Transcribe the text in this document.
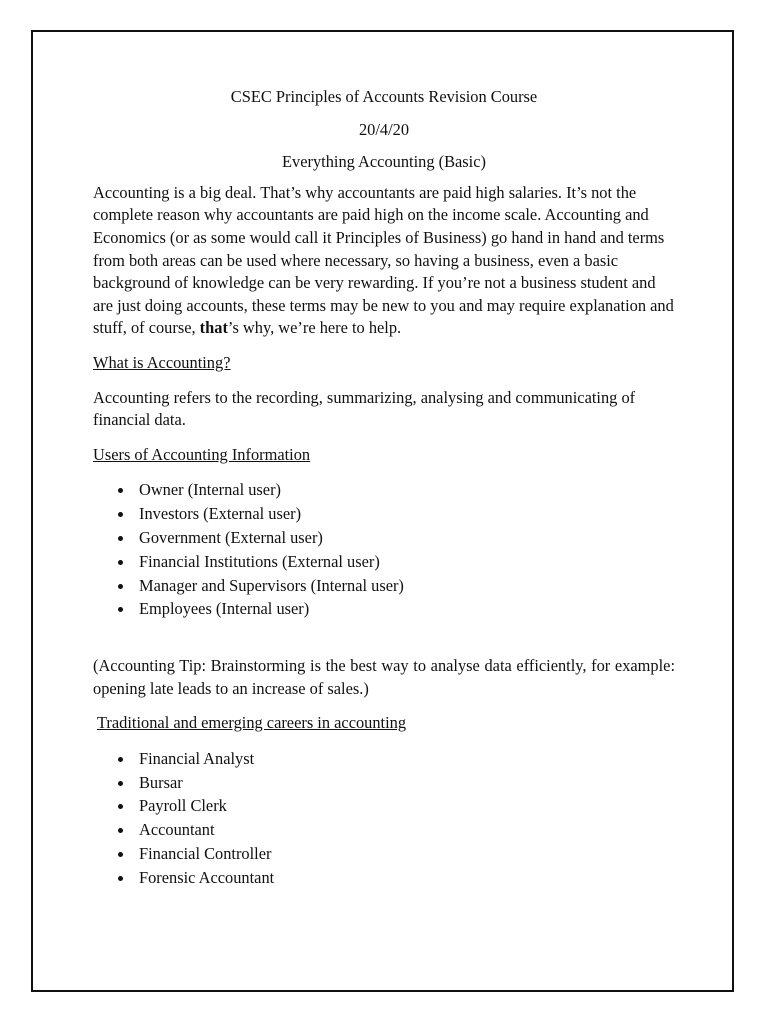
CSEC Principles of Accounts Revision Course

20/4/20

Everything Accounting (Basic)

Accounting is a big deal. That’s why accountants are paid high salaries. It’s not the complete reason why accountants are paid high on the income scale. Accounting and Economics (or as some would call it Principles of Business) go hand in hand and terms from both areas can be used where necessary, so having a business, even a basic background of knowledge can be very rewarding. If you’re not a business student and are just doing accounts, these terms may be new to you and may require explanation and stuff, of course, that’s why, we’re here to help.

What is Accounting?

Accounting refers to the recording, summarizing, analysing and communicating of financial data.

Users of Accounting Information

Owner (Internal user)
Investors (External user)
Government (External user)
Financial Institutions (External user)
Manager and Supervisors (Internal user)
Employees (Internal user)

(Accounting Tip: Brainstorming is the best way to analyse data efficiently, for example: opening late leads to an increase of sales.)

Traditional and emerging careers in accounting

Financial Analyst
Bursar
Payroll Clerk
Accountant
Financial Controller
Forensic Accountant
